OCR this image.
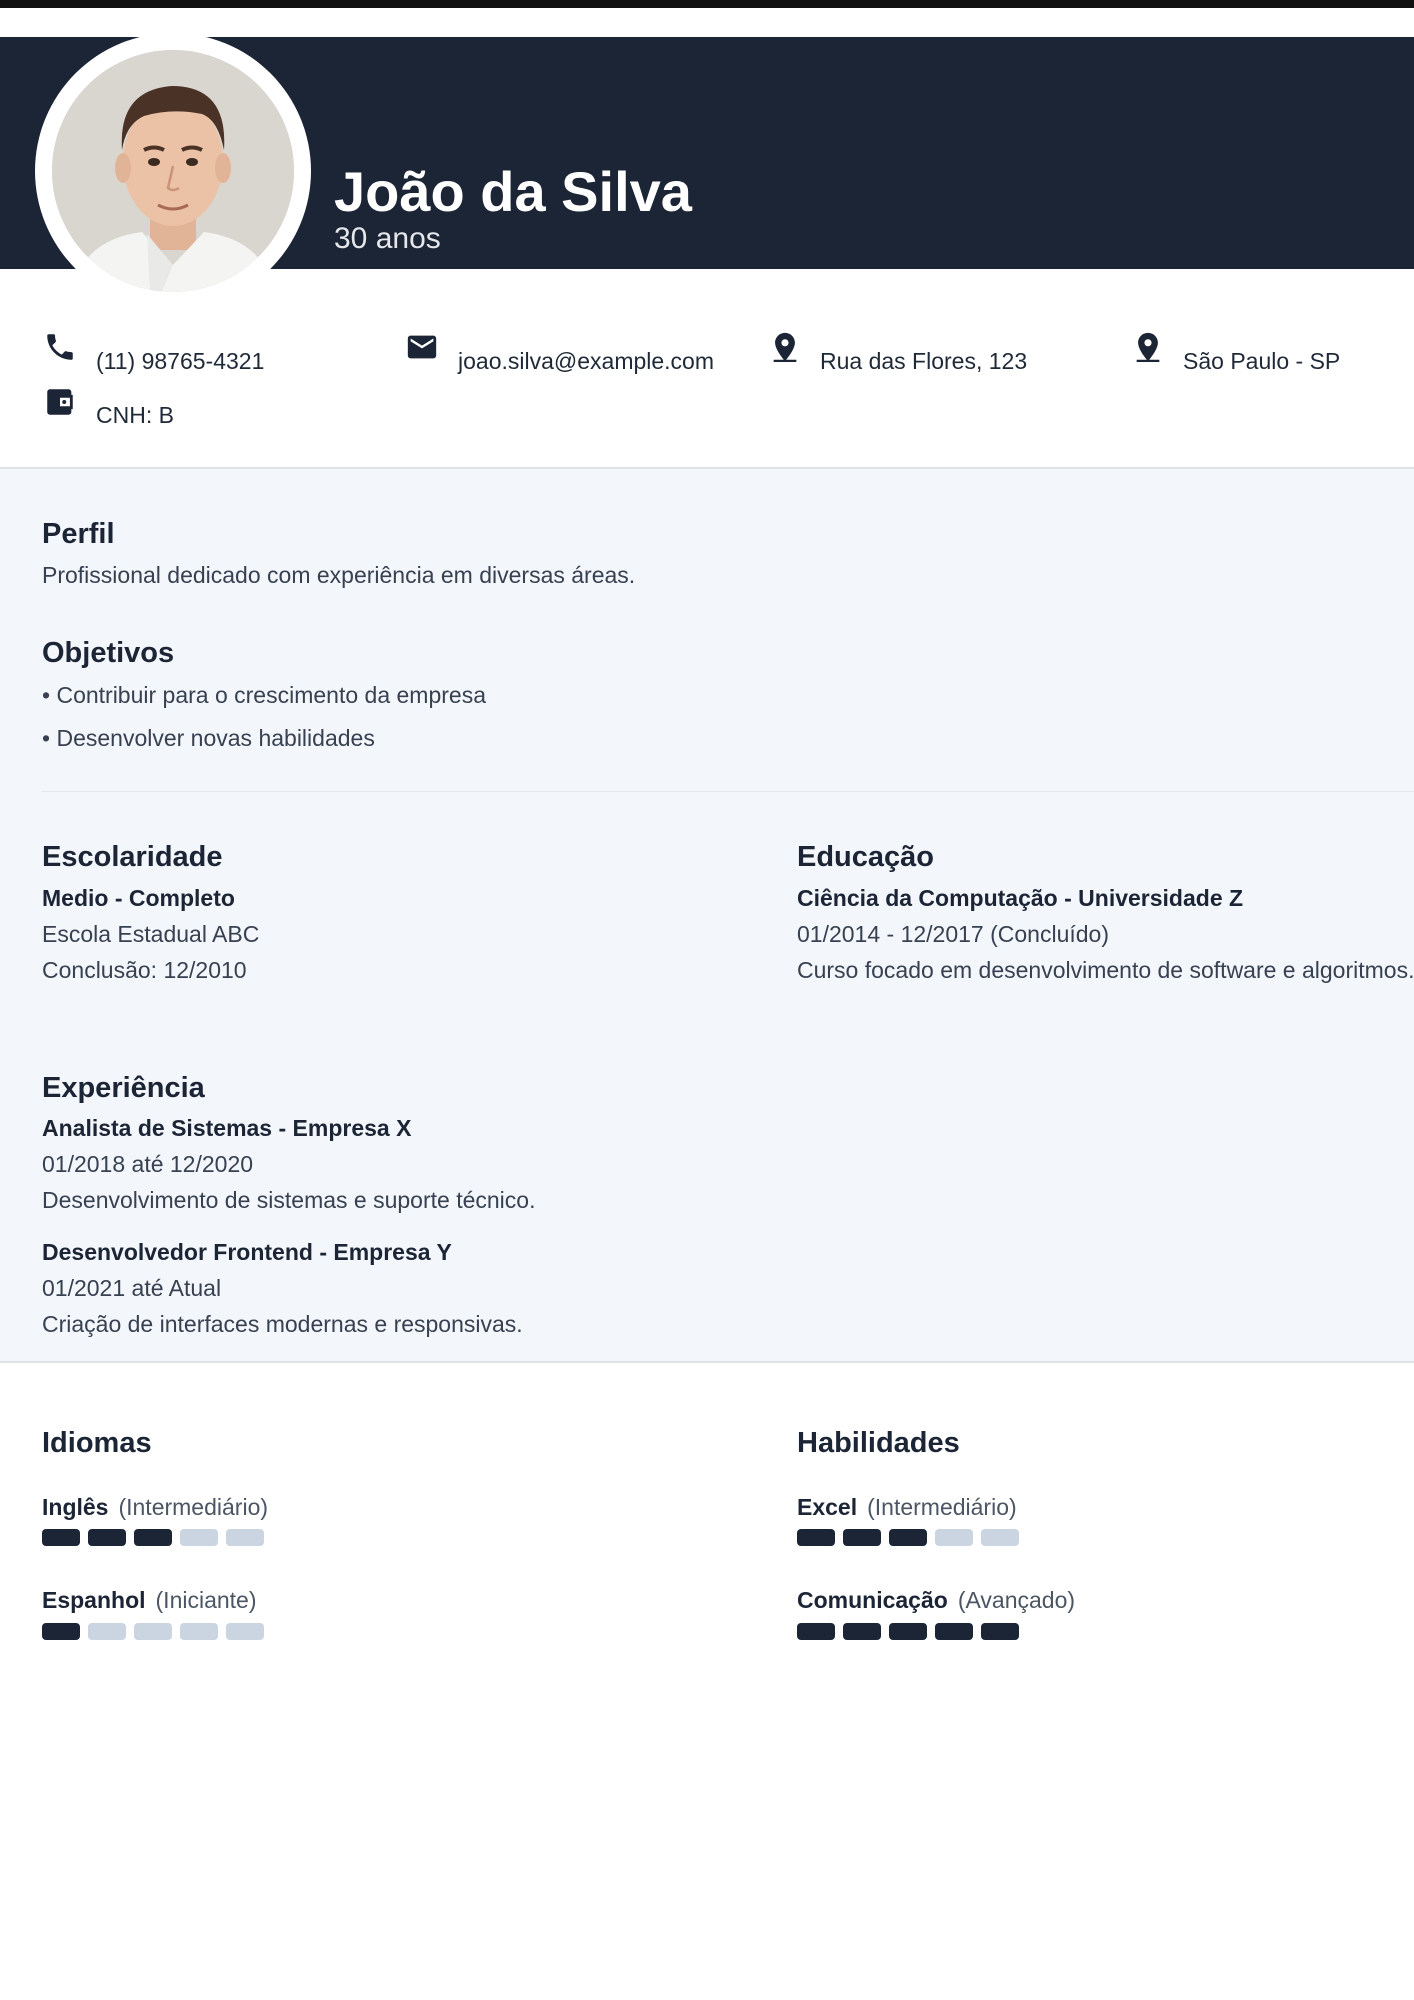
João da Silva
30 anos
(11) 98765-4321	joao.silva@example.com	Rua das Flores, 123	São Paulo - SP
CNH: B
Perfil
Profissional dedicado com experiência em diversas áreas.
Objetivos
• Contribuir para o crescimento da empresa
• Desenvolver novas habilidades
Escolaridade
Medio - Completo
Escola Estadual ABC
Conclusão: 12/2010
Educação
Ciência da Computação - Universidade Z
01/2014 - 12/2017 (Concluído)
Curso focado em desenvolvimento de software e algoritmos.
Experiência
Analista de Sistemas - Empresa X
01/2018 até 12/2020
Desenvolvimento de sistemas e suporte técnico.
Desenvolvedor Frontend - Empresa Y
01/2021 até Atual
Criação de interfaces modernas e responsivas.
Idiomas
Inglês (Intermediário)
Espanhol (Iniciante)
Habilidades
Excel (Intermediário)
Comunicação (Avançado)
